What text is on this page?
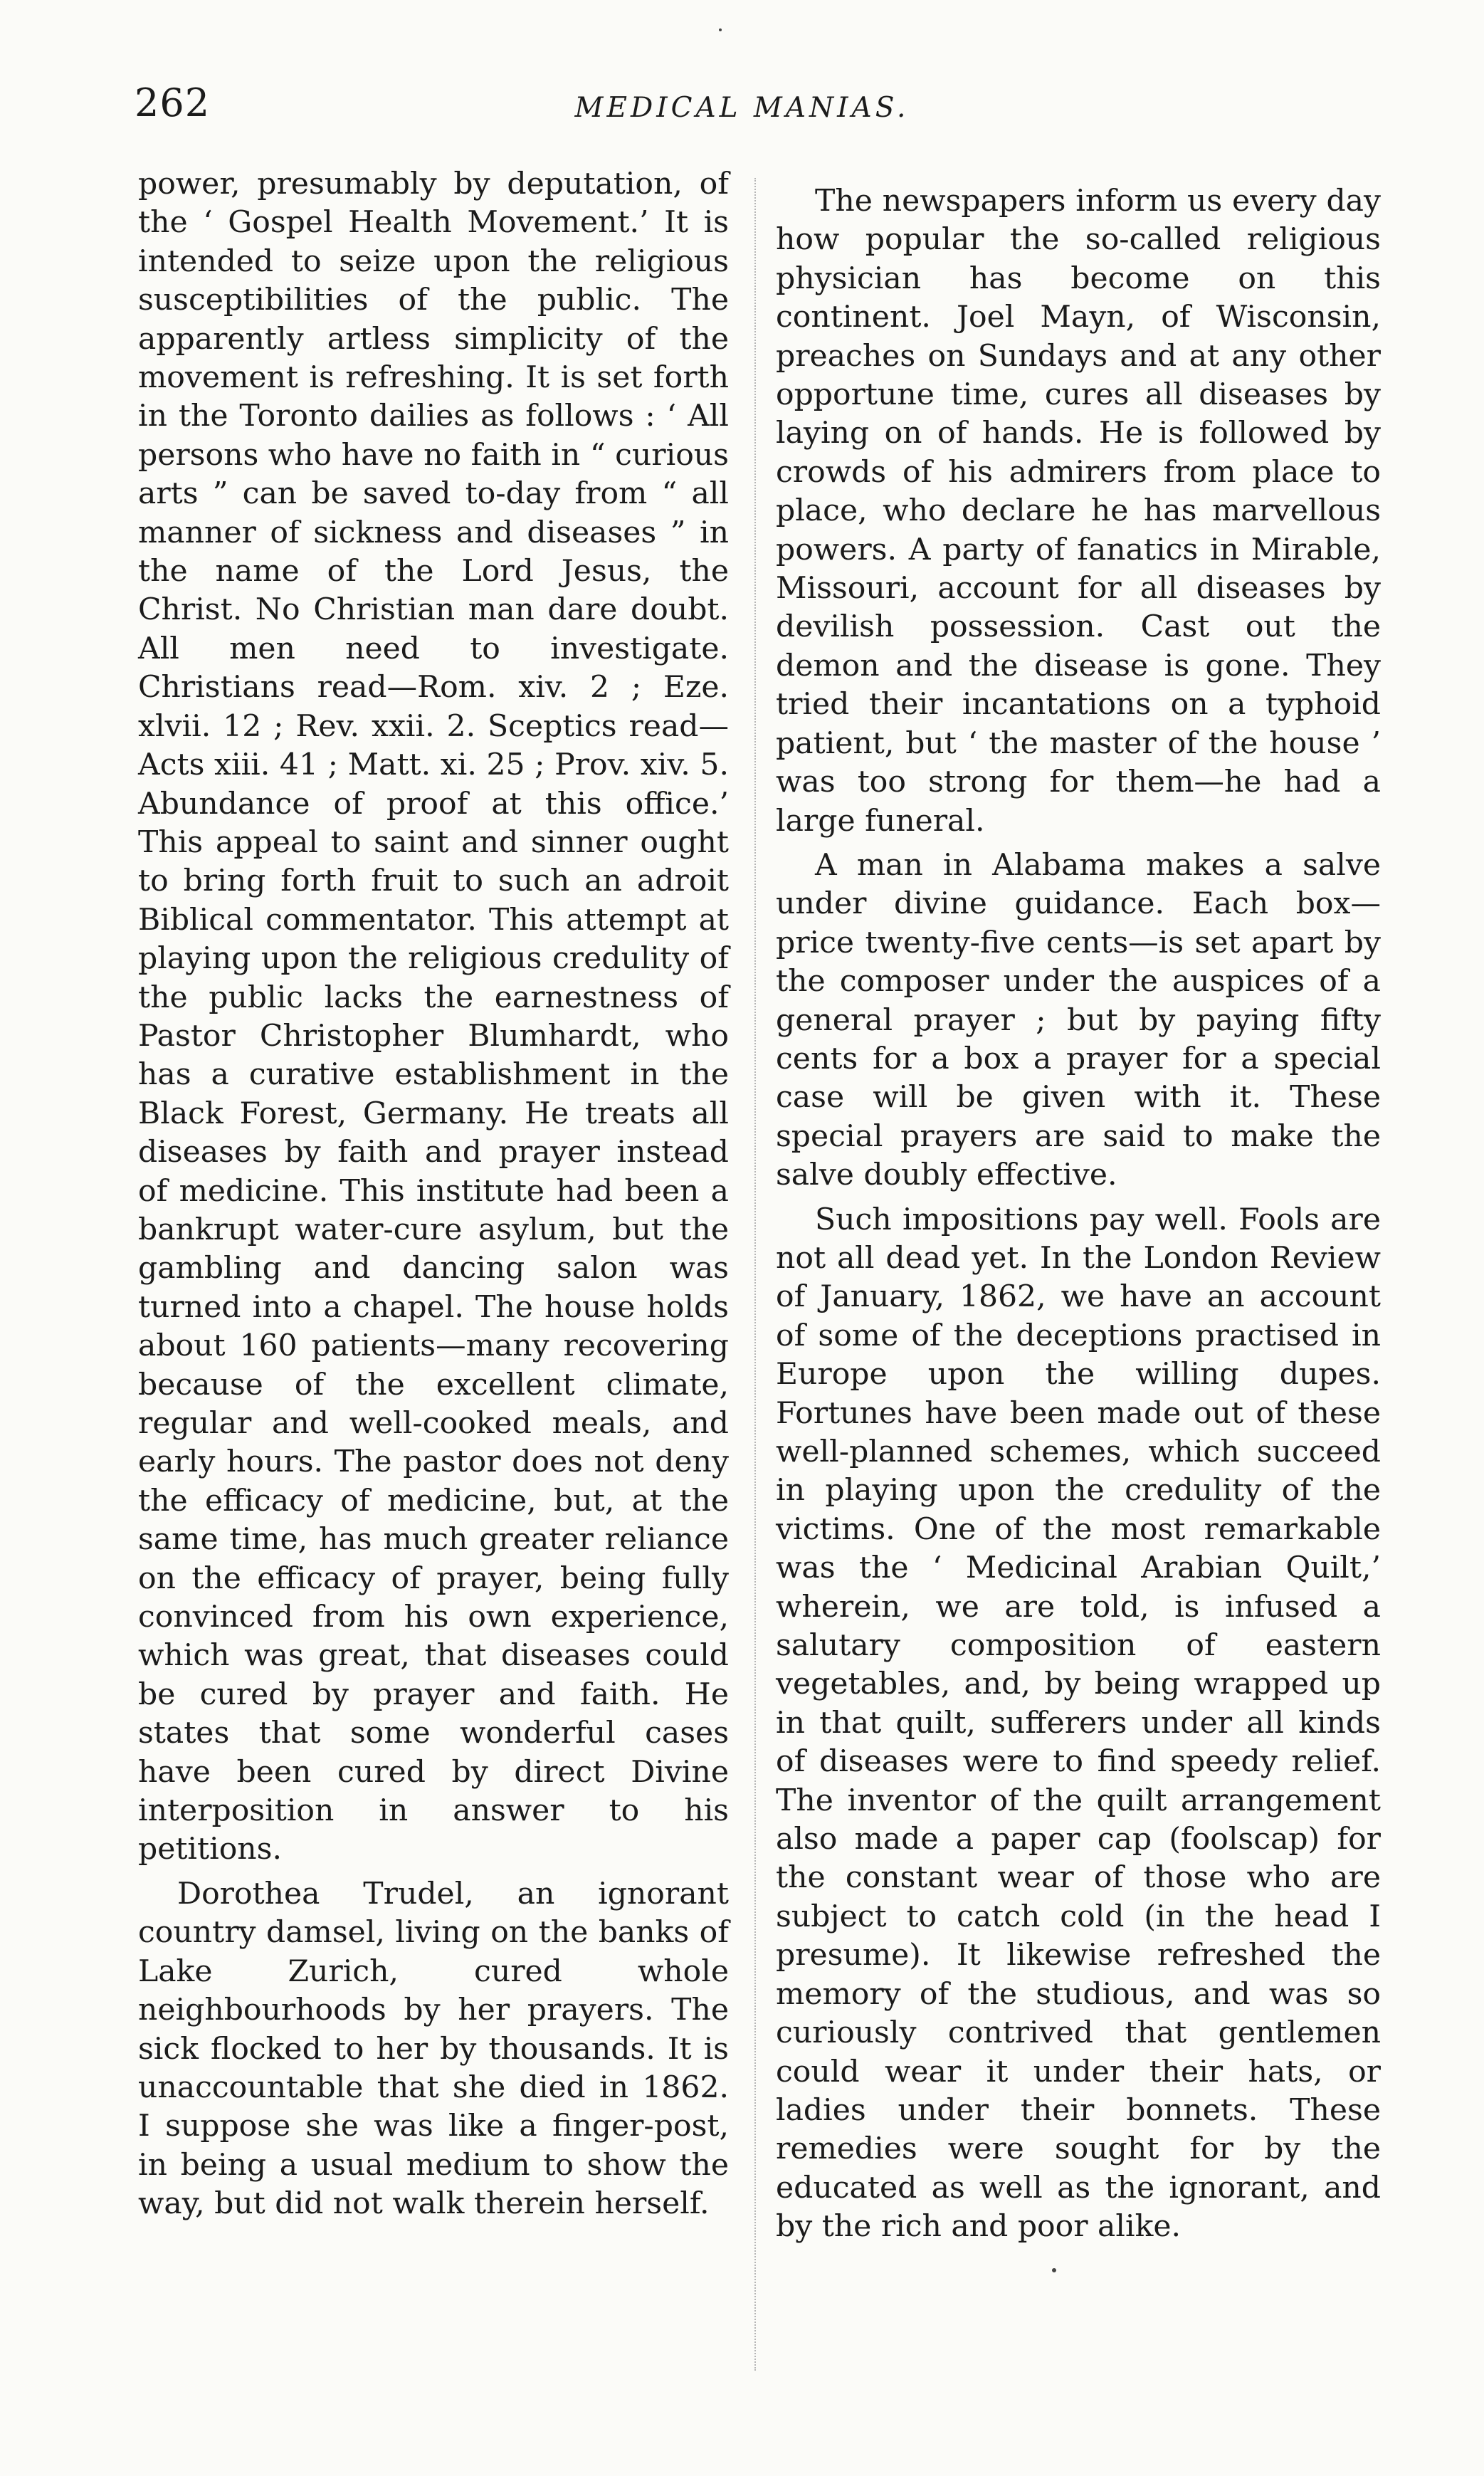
262	MEDICAL MANIAS.

power, presumably by deputation, of the ‘ Gospel Health Movement.’ It is intended to seize upon the religious susceptibilities of the public. The apparently artless simplicity of the movement is refreshing. It is set forth in the Toronto dailies as follows : ‘ All persons who have no faith in “ curious arts ” can be saved to-day from “ all manner of sickness and diseases ” in the name of the Lord Jesus, the Christ. No Christian man dare doubt. All men need to investigate. Christians read—Rom. xiv. 2 ; Eze. xlvii. 12 ; Rev. xxii. 2. Sceptics read—Acts xiii. 41 ; Matt. xi. 25 ; Prov. xiv. 5. Abundance of proof at this office.’ This appeal to saint and sinner ought to bring forth fruit to such an adroit Biblical commentator. This attempt at playing upon the religious credulity of the public lacks the earnestness of Pastor Christopher Blumhardt, who has a curative establishment in the Black Forest, Germany. He treats all diseases by faith and prayer instead of medicine. This institute had been a bankrupt water-cure asylum, but the gambling and dancing salon was turned into a chapel. The house holds about 160 patients—many recovering because of the excellent climate, regular and well-cooked meals, and early hours. The pastor does not deny the efficacy of medicine, but, at the same time, has much greater reliance on the efficacy of prayer, being fully convinced from his own experience, which was great, that diseases could be cured by prayer and faith. He states that some wonderful cases have been cured by direct Divine interposition in answer to his petitions.

Dorothea Trudel, an ignorant country damsel, living on the banks of Lake Zurich, cured whole neighbourhoods by her prayers. The sick flocked to her by thousands. It is unaccountable that she died in 1862. I suppose she was like a finger-post, in being a usual medium to show the way, but did not walk therein herself.

The newspapers inform us every day how popular the so-called religious physician has become on this continent. Joel Mayn, of Wisconsin, preaches on Sundays and at any other opportune time, cures all diseases by laying on of hands. He is followed by crowds of his admirers from place to place, who declare he has marvellous powers. A party of fanatics in Mirable, Missouri, account for all diseases by devilish possession. Cast out the demon and the disease is gone. They tried their incantations on a typhoid patient, but ‘ the master of the house ’ was too strong for them—he had a large funeral.

A man in Alabama makes a salve under divine guidance. Each box—price twenty-five cents—is set apart by the composer under the auspices of a general prayer ; but by paying fifty cents for a box a prayer for a special case will be given with it. These special prayers are said to make the salve doubly effective.

Such impositions pay well. Fools are not all dead yet. In the London Review of January, 1862, we have an account of some of the deceptions practised in Europe upon the willing dupes. Fortunes have been made out of these well-planned schemes, which succeed in playing upon the credulity of the victims. One of the most remarkable was the ‘ Medicinal Arabian Quilt,’ wherein, we are told, is infused a salutary composition of eastern vegetables, and, by being wrapped up in that quilt, sufferers under all kinds of diseases were to find speedy relief. The inventor of the quilt arrangement also made a paper cap (foolscap) for the constant wear of those who are subject to catch cold (in the head I presume). It likewise refreshed the memory of the studious, and was so curiously contrived that gentlemen could wear it under their hats, or ladies under their bonnets. These remedies were sought for by the educated as well as the ignorant, and by the rich and poor alike.
